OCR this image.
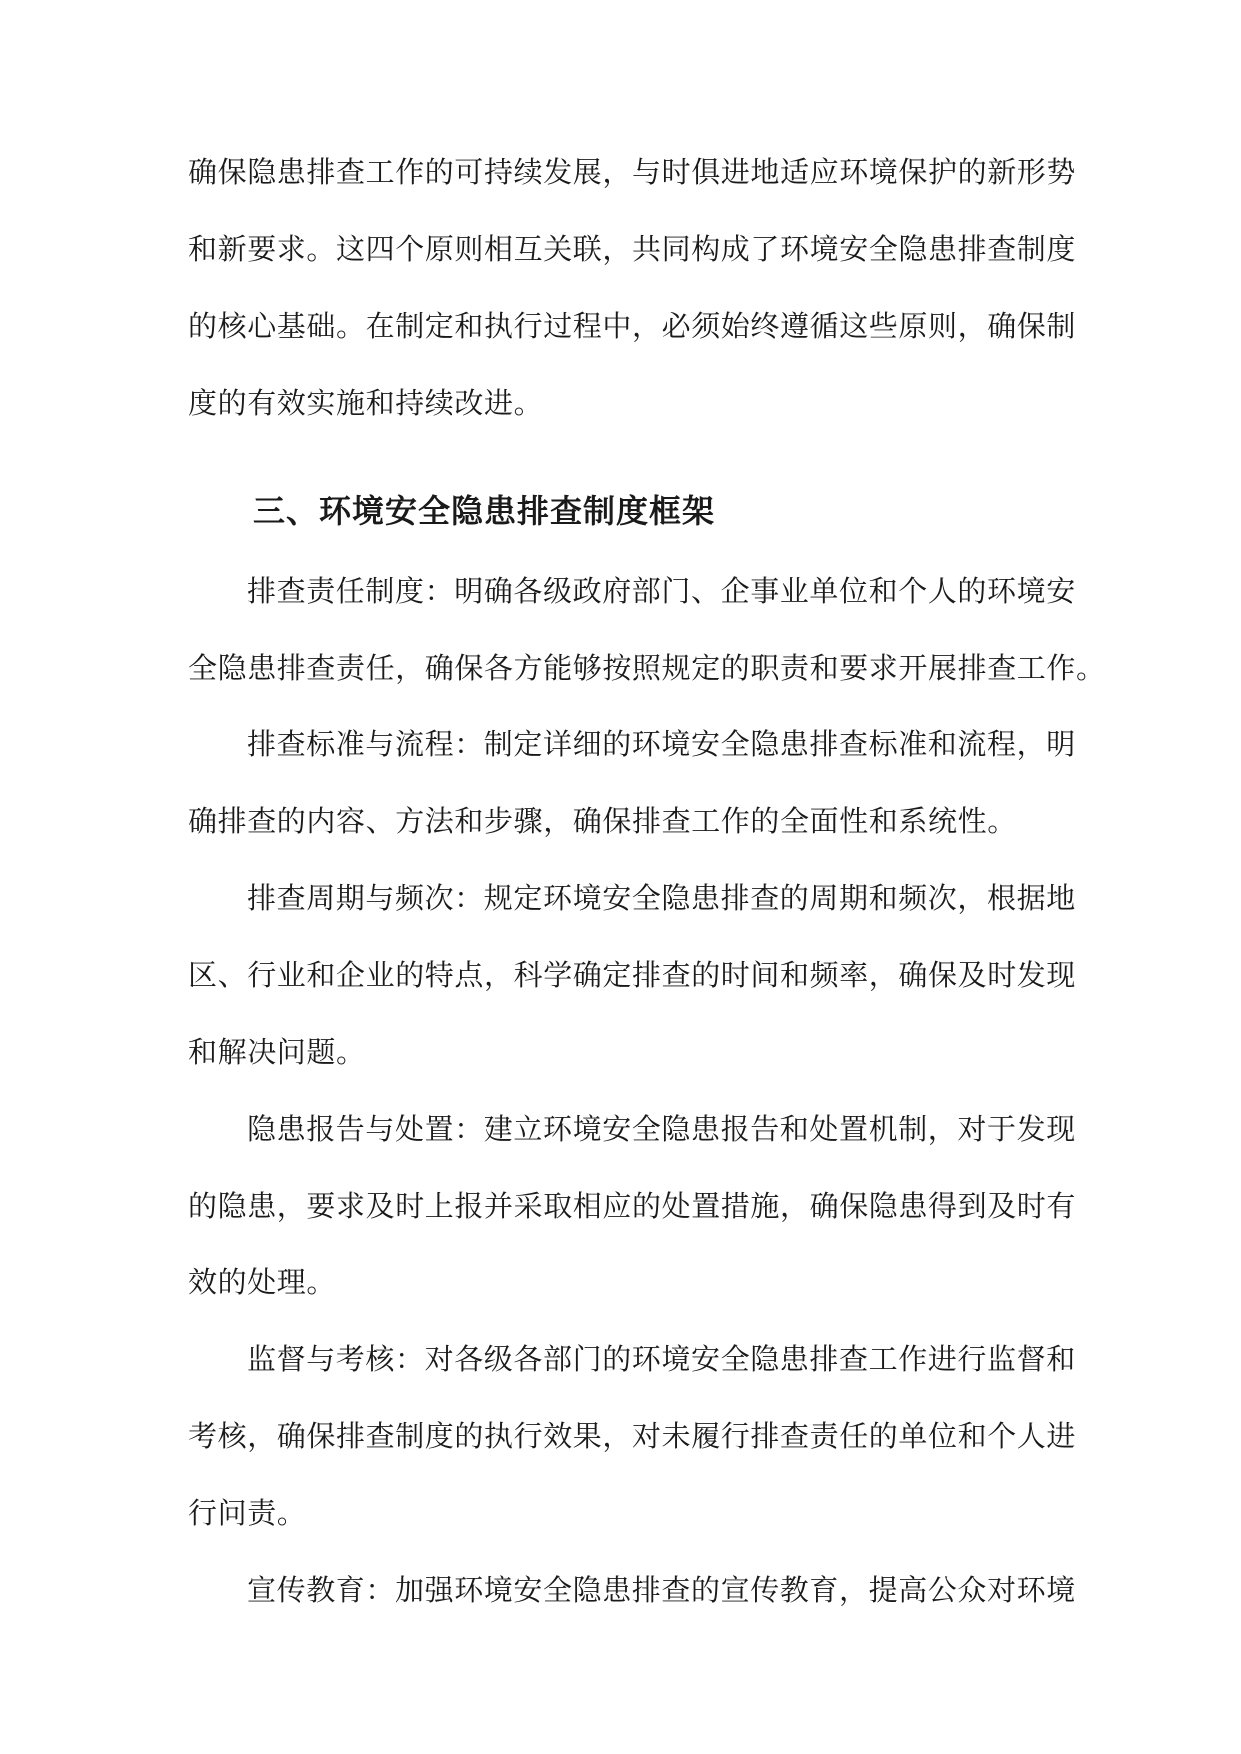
确保隐患排查工作的可持续发展，与时俱进地适应环境保护的新形势
和新要求。这四个原则相互关联，共同构成了环境安全隐患排查制度
的核心基础。在制定和执行过程中，必须始终遵循这些原则，确保制
度的有效实施和持续改进。
三、环境安全隐患排查制度框架
排查责任制度：明确各级政府部门、企事业单位和个人的环境安
全隐患排查责任，确保各方能够按照规定的职责和要求开展排查工作。
排查标准与流程：制定详细的环境安全隐患排查标准和流程，明
确排查的内容、方法和步骤，确保排查工作的全面性和系统性。
排查周期与频次：规定环境安全隐患排查的周期和频次，根据地
区、行业和企业的特点，科学确定排查的时间和频率，确保及时发现
和解决问题。
隐患报告与处置：建立环境安全隐患报告和处置机制，对于发现
的隐患，要求及时上报并采取相应的处置措施，确保隐患得到及时有
效的处理。
监督与考核：对各级各部门的环境安全隐患排查工作进行监督和
考核，确保排查制度的执行效果，对未履行排查责任的单位和个人进
行问责。
宣传教育：加强环境安全隐患排查的宣传教育，提高公众对环境
